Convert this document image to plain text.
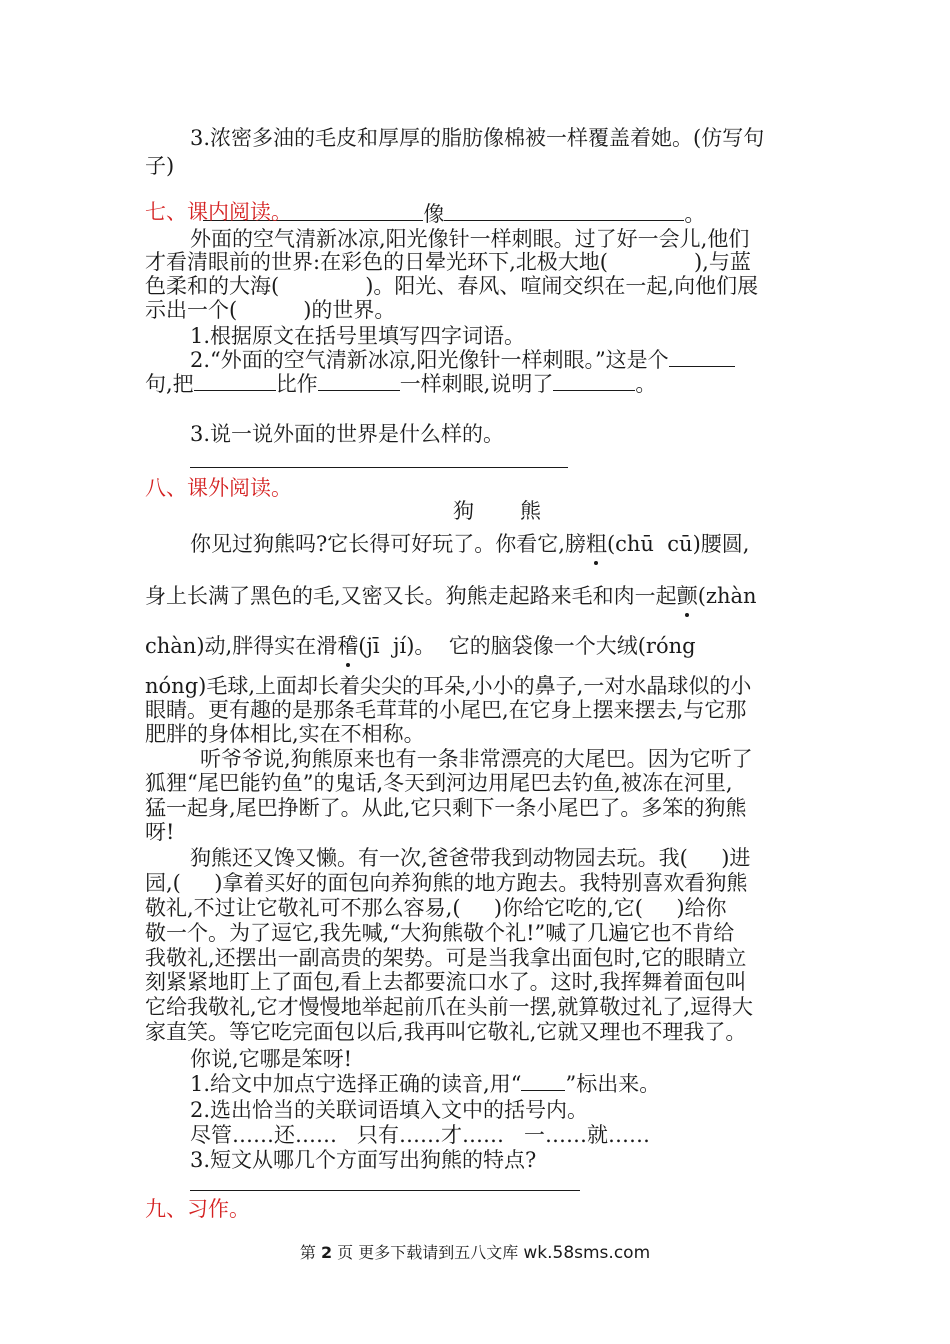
3.浓密多油的毛皮和厚厚的脂肪像棉被一样覆盖着她。(仿写句
子)

像	。

七、课内阅读。
外面的空气清新冰凉,阳光像针一样刺眼。过了好一会儿,他们
才看清眼前的世界:在彩色的日晕光环下,北极大地(	),与蓝
色柔和的大海(	)。阳光、春风、喧闹交织在一起,向他们展
示出一个(	)的世界。
1.根据原文在括号里填写四字词语。
2.“外面的空气清新冰凉,阳光像针一样刺眼。”这是个
句,把	比作	一样刺眼,说明了	。
3.说一说外面的世界是什么样的。
八、课外阅读。
狗 熊
你见过狗熊吗?它长得可好玩了。你看它,膀粗(chū  cū)腰圆,
身上长满了黑色的毛,又密又长。狗熊走起路来毛和肉一起颤(zhàn
chàn)动,胖得实在滑稽(jī  jí)。  它的脑袋像一个大绒(róng
nóng)毛球,上面却长着尖尖的耳朵,小小的鼻子,一对水晶球似的小
眼睛。更有趣的是那条毛茸茸的小尾巴,在它身上摆来摆去,与它那
肥胖的身体相比,实在不相称。
听爷爷说,狗熊原来也有一条非常漂亮的大尾巴。因为它听了
狐狸“尾巴能钓鱼”的鬼话,冬天到河边用尾巴去钓鱼,被冻在河里,
猛一起身,尾巴挣断了。从此,它只剩下一条小尾巴了。多笨的狗熊
呀!
狗熊还又馋又懒。有一次,爸爸带我到动物园去玩。我(     )进
园,(     )拿着买好的面包向养狗熊的地方跑去。我特别喜欢看狗熊
敬礼,不过让它敬礼可不那么容易,(     )你给它吃的,它(     )给你
敬一个。为了逗它,我先喊,“大狗熊敬个礼!”喊了几遍它也不肯给
我敬礼,还摆出一副高贵的架势。可是当我拿出面包时,它的眼睛立
刻紧紧地盯上了面包,看上去都要流口水了。这时,我挥舞着面包叫
它给我敬礼,它才慢慢地举起前爪在头前一摆,就算敬过礼了,逗得大
家直笑。等它吃完面包以后,我再叫它敬礼,它就又理也不理我了。
你说,它哪是笨呀!
1.给文中加点宁选择正确的读音,用“ ”标出来。
2.选出恰当的关联词语填入文中的括号内。
尽管……还……   只有……才……   一……就……
3.短文从哪几个方面写出狗熊的特点?
九、习作。
第 2 页 更多下载请到五八文库 wk.58sms.com
